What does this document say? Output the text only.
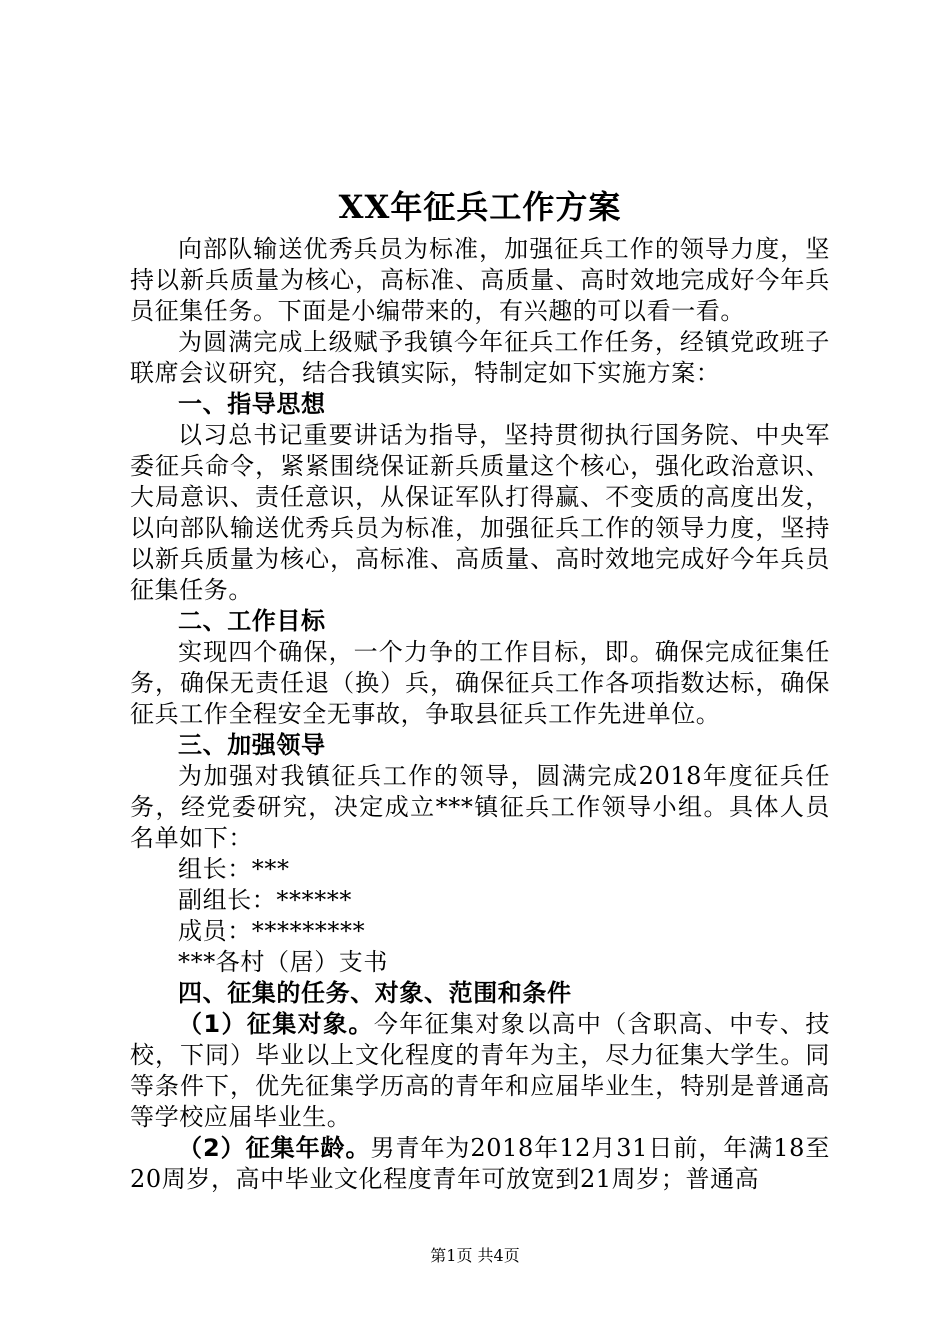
XX年征兵工作方案

向部队输送优秀兵员为标准，加强征兵工作的领导力度，坚持以新兵质量为核心，高标准、高质量、高时效地完成好今年兵员征集任务。下面是小编带来的，有兴趣的可以看一看。

为圆满完成上级赋予我镇今年征兵工作任务，经镇党政班子联席会议研究，结合我镇实际，特制定如下实施方案：

一、指导思想

以习总书记重要讲话为指导，坚持贯彻执行国务院、中央军委征兵命令，紧紧围绕保证新兵质量这个核心，强化政治意识、大局意识、责任意识，从保证军队打得赢、不变质的高度出发，以向部队输送优秀兵员为标准，加强征兵工作的领导力度，坚持以新兵质量为核心，高标准、高质量、高时效地完成好今年兵员征集任务。

二、工作目标

实现四个确保，一个力争的工作目标，即。确保完成征集任务，确保无责任退（换）兵，确保征兵工作各项指数达标，确保征兵工作全程安全无事故，争取县征兵工作先进单位。

三、加强领导

为加强对我镇征兵工作的领导，圆满完成2018年度征兵任务，经党委研究，决定成立***镇征兵工作领导小组。具体人员名单如下：

组长：***

副组长：******

成员：*********

***各村（居）支书

四、征集的任务、对象、范围和条件

（1）征集对象。今年征集对象以高中（含职高、中专、技校，下同）毕业以上文化程度的青年为主，尽力征集大学生。同等条件下，优先征集学历高的青年和应届毕业生，特别是普通高等学校应届毕业生。

（2）征集年龄。男青年为2018年12月31日前，年满18至20周岁，高中毕业文化程度青年可放宽到21周岁；普通高

第1页 共4页
